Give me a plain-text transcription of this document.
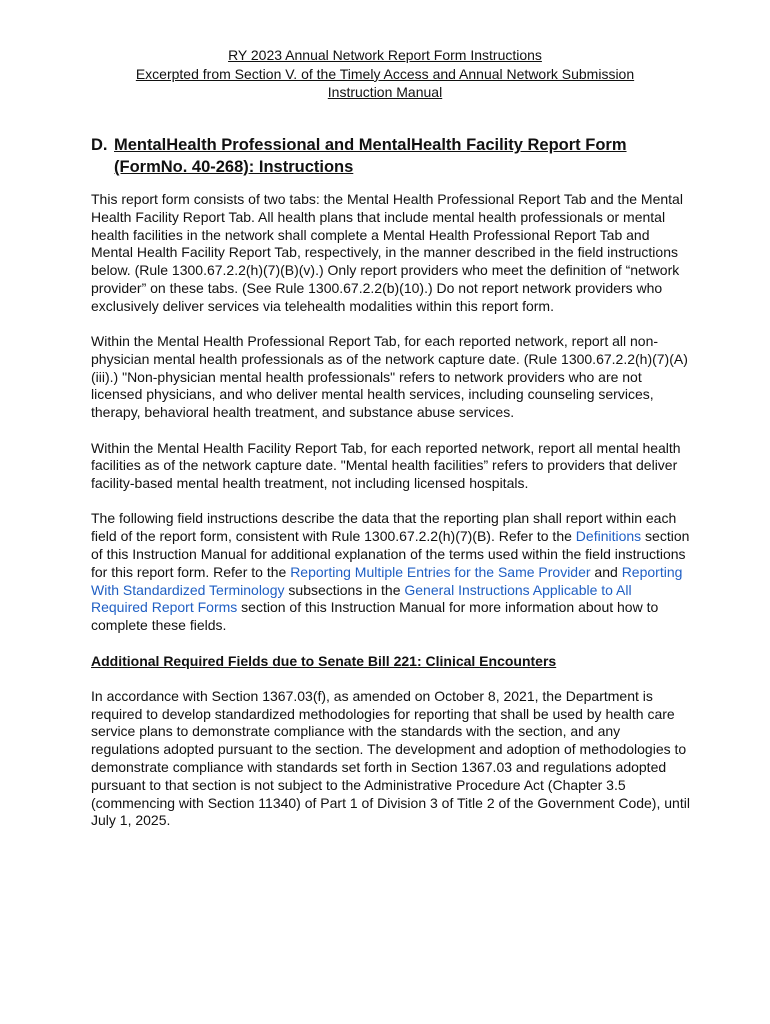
RY 2023 Annual Network Report Form Instructions
Excerpted from Section V. of the Timely Access and Annual Network Submission
Instruction Manual
D. MentalHealth Professional and MentalHealth Facility Report Form (FormNo. 40-268): Instructions

This report form consists of two tabs: the Mental Health Professional Report Tab and the Mental Health Facility Report Tab. All health plans that include mental health professionals or mental health facilities in the network shall complete a Mental Health Professional Report Tab and Mental Health Facility Report Tab, respectively, in the manner described in the field instructions below. (Rule 1300.67.2.2(h)(7)(B)(v).) Only report providers who meet the definition of “network provider” on these tabs. (See Rule 1300.67.2.2(b)(10).) Do not report network providers who exclusively deliver services via telehealth modalities within this report form.

Within the Mental Health Professional Report Tab, for each reported network, report all non-physician mental health professionals as of the network capture date. (Rule 1300.67.2.2(h)(7)(A)(iii).) "Non-physician mental health professionals" refers to network providers who are not licensed physicians, and who deliver mental health services, including counseling services, therapy, behavioral health treatment, and substance abuse services.

Within the Mental Health Facility Report Tab, for each reported network, report all mental health facilities as of the network capture date. "Mental health facilities” refers to providers that deliver facility-based mental health treatment, not including licensed hospitals.

The following field instructions describe the data that the reporting plan shall report within each field of the report form, consistent with Rule 1300.67.2.2(h)(7)(B). Refer to the Definitions section of this Instruction Manual for additional explanation of the terms used within the field instructions for this report form. Refer to the Reporting Multiple Entries for the Same Provider and Reporting With Standardized Terminology subsections in the General Instructions Applicable to All Required Report Forms section of this Instruction Manual for more information about how to complete these fields.

Additional Required Fields due to Senate Bill 221: Clinical Encounters

In accordance with Section 1367.03(f), as amended on October 8, 2021, the Department is required to develop standardized methodologies for reporting that shall be used by health care service plans to demonstrate compliance with the standards with the section, and any regulations adopted pursuant to the section. The development and adoption of methodologies to demonstrate compliance with standards set forth in Section 1367.03 and regulations adopted pursuant to that section is not subject to the Administrative Procedure Act (Chapter 3.5 (commencing with Section 11340) of Part 1 of Division 3 of Title 2 of the Government Code), until July 1, 2025.
